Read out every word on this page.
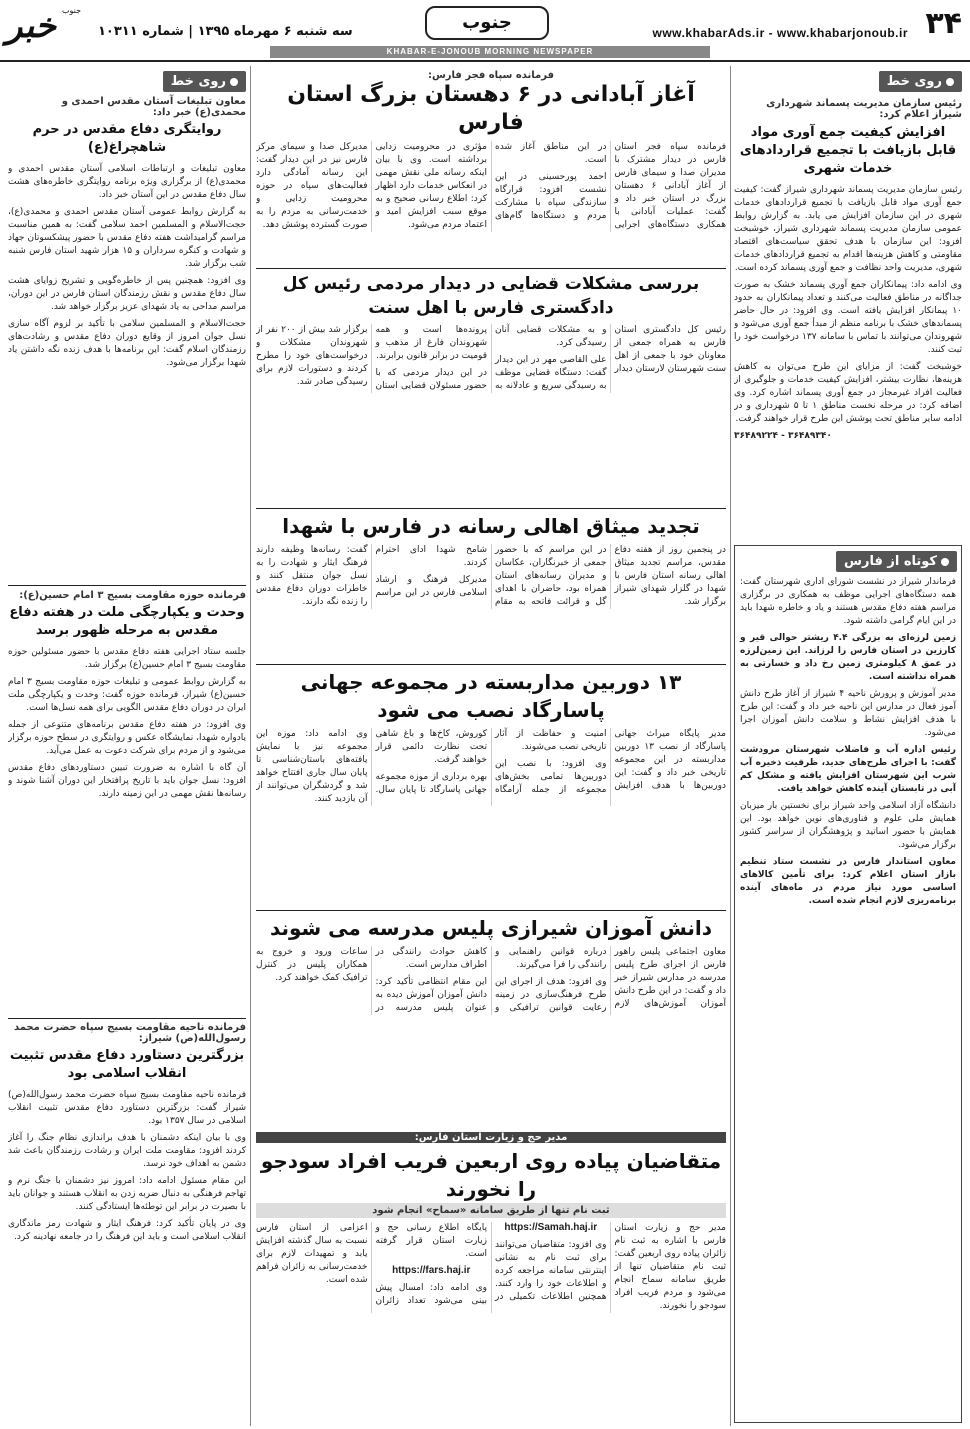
۳۴
www.khabarAds.ir - www.khabarjonoub.ir
جنوب
KHABAR-E-JONOUB MORNING NEWSPAPER
سه شنبه ۶ مهرماه ۱۳۹۵ | شماره ۱۰۳۱۱
خبر جنوب
روی خط
رئیس سازمان مدیریت پسماند شهرداری شیراز اعلام کرد:
افزایش کیفیت جمع آوری مواد قابل بازیافت با تجمیع قراردادهای خدمات شهری

رئیس سازمان مدیریت پسماند شهرداری شیراز گفت: کیفیت جمع آوری مواد قابل بازیافت با تجمیع قراردادهای خدمات شهری در این سازمان افزایش می یابد. به گزارش روابط عمومی سازمان مدیریت پسماند شهرداری شیراز، خوشبخت افزود: این سازمان با هدف تحقق سیاست‌های اقتصاد مقاومتی و کاهش هزینه‌ها اقدام به تجمیع قراردادهای خدمات شهری، مدیریت واحد نظافت و جمع آوری پسماند کرده است.

وی ادامه داد: پیمانکاران جمع آوری پسماند خشک به صورت جداگانه در مناطق فعالیت می‌کنند و تعداد پیمانکاران به حدود ۱۰ پیمانکار افزایش یافته است. وی افزود: در حال حاضر پسماندهای خشک با برنامه منظم از مبدأ جمع آوری می‌شود و شهروندان می‌توانند با تماس با سامانه ۱۳۷ درخواست خود را ثبت کنند.

خوشبخت گفت: از مزایای این طرح می‌توان به کاهش هزینه‌ها، نظارت بیشتر، افزایش کیفیت خدمات و جلوگیری از فعالیت افراد غیرمجاز در جمع آوری پسماند اشاره کرد. وی اضافه کرد: در مرحله نخست مناطق ۱ تا ۵ شهرداری و در ادامه سایر مناطق تحت پوشش این طرح قرار خواهند گرفت.

۳۶۴۸۹۲۲۴ - ۳۶۴۸۹۳۴۰

کوتاه از فارس

فرماندار شیراز در نشست شورای اداری شهرستان گفت: همه دستگاه‌های اجرایی موظف به همکاری در برگزاری مراسم هفته دفاع مقدس هستند و یاد و خاطره شهدا باید در این ایام گرامی داشته شود.

زمین لرزه‌ای به بزرگی ۴.۴ ریشتر حوالی قیر و کارزین در استان فارس را لرزاند. این زمین‌لرزه در عمق ۸ کیلومتری زمین رخ داد و خسارتی به همراه نداشته است.

مدیر آموزش و پرورش ناحیه ۴ شیراز از آغاز طرح دانش آموز فعال در مدارس این ناحیه خبر داد و گفت: این طرح با هدف افزایش نشاط و سلامت دانش آموزان اجرا می‌شود.

رئیس اداره آب و فاضلاب شهرستان مرودشت گفت: با اجرای طرح‌های جدید، ظرفیت ذخیره آب شرب این شهرستان افزایش یافته و مشکل کم آبی در تابستان آینده کاهش خواهد یافت.

دانشگاه آزاد اسلامی واحد شیراز برای نخستین بار میزبان همایش ملی علوم و فناوری‌های نوین خواهد بود. این همایش با حضور اساتید و پژوهشگران از سراسر کشور برگزار می‌شود.

معاون استاندار فارس در نشست ستاد تنظیم بازار استان اعلام کرد: برای تأمین کالاهای اساسی مورد نیاز مردم در ماه‌های آینده برنامه‌ریزی لازم انجام شده است.

فرمانده سپاه فجر فارس:
آغاز آبادانی در ۶ دهستان بزرگ استان فارس

فرمانده سپاه فجر استان فارس در دیدار مشترک با مدیران صدا و سیمای فارس از آغاز آبادانی ۶ دهستان بزرگ در استان خبر داد و گفت: عملیات آبادانی با همکاری دستگاه‌های اجرایی در این مناطق آغاز شده است.

احمد پورحسینی در این نشست افزود: قرارگاه سازندگی سپاه با مشارکت مردم و دستگاه‌ها گام‌های مؤثری در محرومیت زدایی برداشته است. وی با بیان اینکه رسانه ملی نقش مهمی در انعکاس خدمات دارد اظهار کرد: اطلاع رسانی صحیح و به موقع سبب افزایش امید و اعتماد مردم می‌شود.

مدیرکل صدا و سیمای مرکز فارس نیز در این دیدار گفت: این رسانه آمادگی دارد فعالیت‌های سپاه در حوزه محرومیت زدایی و خدمت‌رسانی به مردم را به صورت گسترده پوشش دهد.

بررسی مشکلات قضایی در دیدار مردمی رئیس کل دادگستری فارس با اهل سنت

رئیس کل دادگستری استان فارس به همراه جمعی از معاونان خود با جمعی از اهل سنت شهرستان لارستان دیدار و به مشکلات قضایی آنان رسیدگی کرد.

علی القاصی مهر در این دیدار گفت: دستگاه قضایی موظف به رسیدگی سریع و عادلانه به پرونده‌ها است و همه شهروندان فارغ از مذهب و قومیت در برابر قانون برابرند.

در این دیدار مردمی که با حضور مسئولان قضایی استان برگزار شد بیش از ۲۰۰ نفر از شهروندان مشکلات و درخواست‌های خود را مطرح کردند و دستورات لازم برای رسیدگی صادر شد.

تجدید میثاق اهالی رسانه در فارس با شهدا

در پنجمین روز از هفته دفاع مقدس، مراسم تجدید میثاق اهالی رسانه استان فارس با شهدا در گلزار شهدای شیراز برگزار شد.

در این مراسم که با حضور جمعی از خبرنگاران، عکاسان و مدیران رسانه‌های استان همراه بود، حاضران با اهدای گل و قرائت فاتحه به مقام شامخ شهدا ادای احترام کردند.

مدیرکل فرهنگ و ارشاد اسلامی فارس در این مراسم گفت: رسانه‌ها وظیفه دارند فرهنگ ایثار و شهادت را به نسل جوان منتقل کنند و خاطرات دوران دفاع مقدس را زنده نگه دارند.

۱۳ دوربین مداربسته در مجموعه جهانی پاسارگاد نصب می شود

مدیر پایگاه میراث جهانی پاسارگاد از نصب ۱۳ دوربین مداربسته در این مجموعه تاریخی خبر داد و گفت: این دوربین‌ها با هدف افزایش امنیت و حفاظت از آثار تاریخی نصب می‌شوند.

وی افزود: با نصب این دوربین‌ها تمامی بخش‌های مجموعه از جمله آرامگاه کوروش، کاخ‌ها و باغ شاهی تحت نظارت دائمی قرار خواهند گرفت.

بهره برداری از موزه مجموعه جهانی پاسارگاد تا پایان سال. وی ادامه داد: موزه این مجموعه نیز با نمایش یافته‌های باستان‌شناسی تا پایان سال جاری افتتاح خواهد شد و گردشگران می‌توانند از آن بازدید کنند.

دانش آموزان شیرازی پلیس مدرسه می شوند

معاون اجتماعی پلیس راهور فارس از اجرای طرح پلیس مدرسه در مدارس شیراز خبر داد و گفت: در این طرح دانش آموزان آموزش‌های لازم درباره قوانین راهنمایی و رانندگی را فرا می‌گیرند.

وی افزود: هدف از اجرای این طرح فرهنگ‌سازی در زمینه رعایت قوانین ترافیکی و کاهش حوادث رانندگی در اطراف مدارس است.

این مقام انتظامی تأکید کرد: دانش آموزان آموزش دیده به عنوان پلیس مدرسه در ساعات ورود و خروج به همکاران پلیس در کنترل ترافیک کمک خواهند کرد.

مدیر حج و زیارت استان فارس:
متقاضیان پیاده روی اربعین فریب افراد سودجو را نخورند
ثبت نام تنها از طریق سامانه «سماح» انجام شود

مدیر حج و زیارت استان فارس با اشاره به ثبت نام زائران پیاده روی اربعین گفت: ثبت نام متقاضیان تنها از طریق سامانه سماح انجام می‌شود و مردم فریب افراد سودجو را نخورند.

https://Samah.haj.ir

وی افزود: متقاضیان می‌توانند برای ثبت نام به نشانی اینترنتی سامانه مراجعه کرده و اطلاعات خود را وارد کنند. همچنین اطلاعات تکمیلی در پایگاه اطلاع رسانی حج و زیارت استان قرار گرفته است.

https://fars.haj.ir

وی ادامه داد: امسال پیش بینی می‌شود تعداد زائران اعزامی از استان فارس نسبت به سال گذشته افزایش یابد و تمهیدات لازم برای خدمت‌رسانی به زائران فراهم شده است.

روی خط
معاون تبلیغات آستان مقدس احمدی و محمدی(ع) خبر داد:
روایتگری دفاع مقدس در حرم شاهچراغ(ع)

معاون تبلیغات و ارتباطات اسلامی آستان مقدس احمدی و محمدی(ع) از برگزاری ویژه برنامه روایتگری خاطره‌های هشت سال دفاع مقدس در این آستان خبر داد.

به گزارش روابط عمومی آستان مقدس احمدی و محمدی(ع)، حجت‌الاسلام و المسلمین احمد سلامی گفت: به همین مناسبت مراسم گرامیداشت هفته دفاع مقدس با حضور پیشکسوتان جهاد و شهادت و کنگره سرداران و ۱۵ هزار شهید استان فارس شنبه شب برگزار شد.

وی افزود: همچنین پس از خاطره‌گویی و تشریح زوایای هشت سال دفاع مقدس و نقش رزمندگان استان فارس در این دوران، مراسم مداحی به یاد شهدای عزیز برگزار خواهد شد.

حجت‌الاسلام و المسلمین سلامی با تأکید بر لزوم آگاه سازی نسل جوان امروز از وقایع دوران دفاع مقدس و رشادت‌های رزمندگان اسلام گفت: این برنامه‌ها با هدف زنده نگه داشتن یاد شهدا برگزار می‌شود.

فرمانده حوزه مقاومت بسیج ۳ امام حسین(ع):
وحدت و یکپارچگی ملت در هفته دفاع مقدس به مرحله ظهور برسد

جلسه ستاد اجرایی هفته دفاع مقدس با حضور مسئولین حوزه مقاومت بسیج ۳ امام حسین(ع) برگزار شد.

به گزارش روابط عمومی و تبلیغات حوزه مقاومت بسیج ۳ امام حسین(ع) شیراز، فرمانده حوزه گفت: وحدت و یکپارچگی ملت ایران در دوران دفاع مقدس الگویی برای همه نسل‌ها است.

وی افزود: در هفته دفاع مقدس برنامه‌های متنوعی از جمله یادواره شهدا، نمایشگاه عکس و روایتگری در سطح حوزه برگزار می‌شود و از مردم برای شرکت دعوت به عمل می‌آید.

آن گاه با اشاره به ضرورت تبیین دستاوردهای دفاع مقدس افزود: نسل جوان باید با تاریخ پرافتخار این دوران آشنا شوند و رسانه‌ها نقش مهمی در این زمینه دارند.

فرمانده ناحیه مقاومت بسیج سپاه حضرت محمد رسول‌الله(ص) شیراز:
بزرگترین دستاورد دفاع مقدس تثبیت انقلاب اسلامی بود

فرمانده ناحیه مقاومت بسیج سپاه حضرت محمد رسول‌الله(ص) شیراز گفت: بزرگترین دستاورد دفاع مقدس تثبیت انقلاب اسلامی در سال ۱۳۵۷ بود.

وی با بیان اینکه دشمنان با هدف براندازی نظام جنگ را آغاز کردند افزود: مقاومت ملت ایران و رشادت رزمندگان باعث شد دشمن به اهداف خود نرسد.

این مقام مسئول ادامه داد: امروز نیز دشمنان با جنگ نرم و تهاجم فرهنگی به دنبال ضربه زدن به انقلاب هستند و جوانان باید با بصیرت در برابر این توطئه‌ها ایستادگی کنند.

وی در پایان تأکید کرد: فرهنگ ایثار و شهادت رمز ماندگاری انقلاب اسلامی است و باید این فرهنگ را در جامعه نهادینه کرد.
